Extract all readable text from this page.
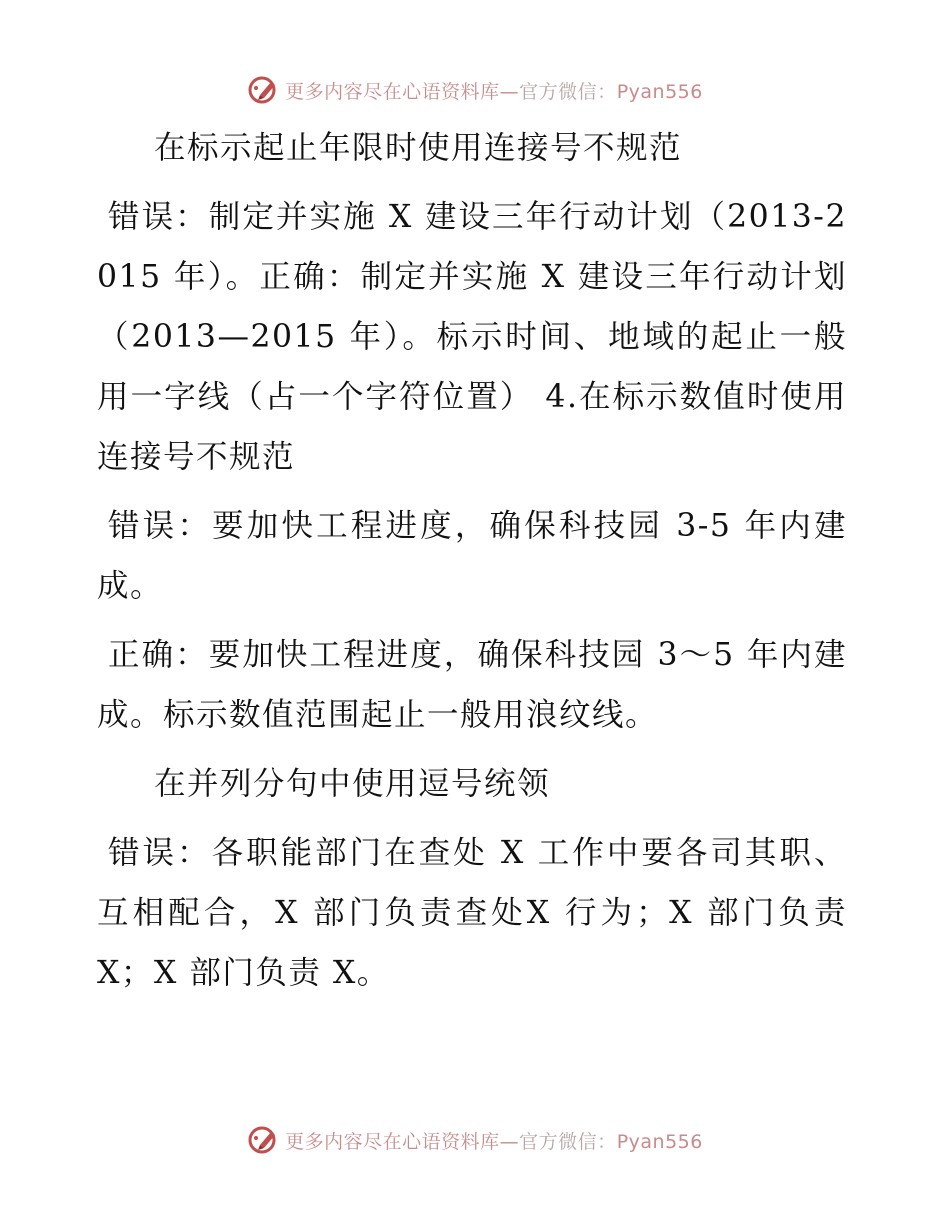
更多内容尽在心语资料库—官方微信：Pyan556

在标示起止年限时使用连接号不规范

错误：制定并实施 X 建设三年行动计划（2013-2015 年）。正确：制定并实施 X 建设三年行动计划（2013—2015 年）。标示时间、地域的起止一般用一字线（占一个字符位置） 4.在标示数值时使用连接号不规范

错误：要加快工程进度，确保科技园 3-5 年内建成。

正确：要加快工程进度，确保科技园 3～5 年内建成。标示数值范围起止一般用浪纹线。

在并列分句中使用逗号统领

错误：各职能部门在查处 X 工作中要各司其职、互相配合，X 部门负责查处X 行为；X 部门负责 X；X 部门负责 X。

更多内容尽在心语资料库—官方微信：Pyan556
